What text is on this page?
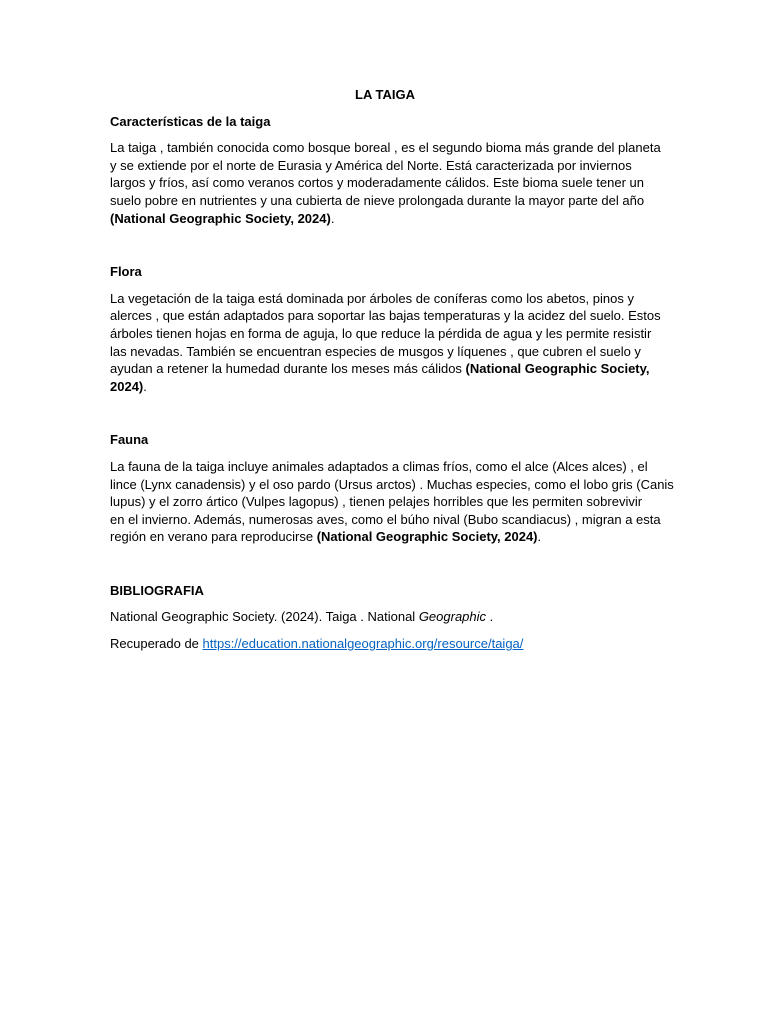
LA TAIGA
Características de la taiga
La taiga , también conocida como bosque boreal , es el segundo bioma más grande del planeta
y se extiende por el norte de Eurasia y América del Norte. Está caracterizada por inviernos
largos y fríos, así como veranos cortos y moderadamente cálidos. Este bioma suele tener un
suelo pobre en nutrientes y una cubierta de nieve prolongada durante la mayor parte del año
(National Geographic Society, 2024).
Flora
La vegetación de la taiga está dominada por árboles de coníferas como los abetos, pinos y
alerces , que están adaptados para soportar las bajas temperaturas y la acidez del suelo. Estos
árboles tienen hojas en forma de aguja, lo que reduce la pérdida de agua y les permite resistir
las nevadas. También se encuentran especies de musgos y líquenes , que cubren el suelo y
ayudan a retener la humedad durante los meses más cálidos (National Geographic Society,
2024).
Fauna
La fauna de la taiga incluye animales adaptados a climas fríos, como el alce (Alces alces) , el
lince (Lynx canadensis) y el oso pardo (Ursus arctos) . Muchas especies, como el lobo gris (Canis
lupus) y el zorro ártico (Vulpes lagopus) , tienen pelajes horribles que les permiten sobrevivir
en el invierno. Además, numerosas aves, como el búho nival (Bubo scandiacus) , migran a esta
región en verano para reproducirse (National Geographic Society, 2024).
BIBLIOGRAFIA
National Geographic Society. (2024). Taiga . National Geographic .
Recuperado de https://education.nationalgeographic.org/resource/taiga/
